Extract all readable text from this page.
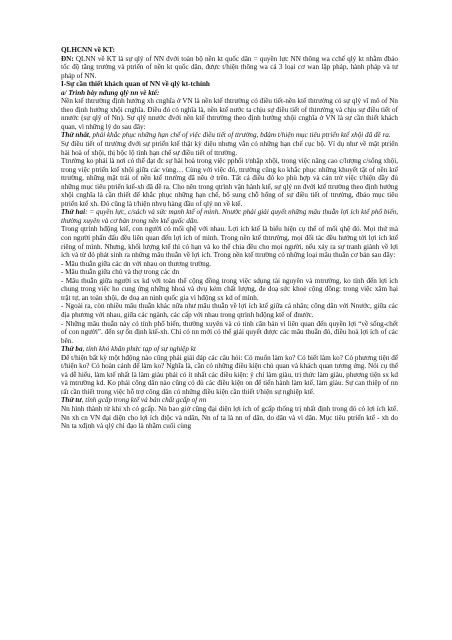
QLHCNN về KT:

ĐN: QLNN về KT là sự qlý of NN đvới toàn bộ nền kt quốc dân = quyền lực NN thông wa cchế qlý kt nhằm đbảo tốc độ tăng trưởng và ptriển of nền kt quốc dân, đưực t/hiện thông wa cả 3 loại cơ wan lập pháp, hành pháp và tư pháp of NN.

I-Sự cần thiết khách quan of NN về qlý kt-tchính

a/ Trình bày nđung qlý nn về ktế:

Nền ktế thtrường định hướng xh cnghĩa ở VN là nền ktế thtrường có điều tiết-nền ktế thtrường có sự qlý vĩ mô of Nn theo định hướng xhội cnghĩa. Điều đó có nghĩa là, nền ktế nước ta chịu sự điều tiết of thtrường và chịu sự điều tiết of nnước (sự qlý of Nn). Sự qlý nnước đvới nền ktế thtrường theo định hướng xhội cnghĩa ở VN là sự cần thiết khách quan, vì những lý do sau đây:

Thứ nhất, phải khắc phục những hạn chế of việc điều tiết of ttrường, bđảm t/hiện mục tiêu ptriển ktế xhội đã đề ra.

Sự điều tiết of ttrường đvới sự ptriển ktế thật kỳ diệu nhưng vẫn có những hạn chế cục bộ. Ví dụ như về mặt ptriển hài hoà of xhội, thị bộc lộ tình hạn chế sự điều tiết of ttrường.

Ttrường ko phải là nơi có thể đạt đc sự hài hoà trong việc pphối t/nhập xhội, trong việc nâng cao c/lượng c/sống xhội, trong việc ptriển ktế xhội giữa các vùng… Cùng với việc đó, ttrường cũng ko khắc phục những khuyết tật of nền ktế ttrường, những mặt trái of nền ktế ttrường đã nêu ở trên. Tất cả điều đó ko phù hợp và cản trở việc t/hiện đầy đủ những mục tiêu ptriển ktế-xh đã đề ra. Cho nên trong qtrình vận hành ktế, sự qlý nn đvới ktế ttrường theo định hướng xhội cnghĩa là cần thiết để khắc phục những hạn chế, bổ sung chỗ hổng of sự điều tiết of ttrường, đbảo mục tiêu ptriển ktế xh. Đó cũng là t/hiện nhvụ hàng đầu of qlý nn về ktế.

Thứ hai: = quyền lực, c/sách và sức mạnh ktế of mình. Nnước phải giải quyết những mâu thuẫn lợi ích ktế phổ biến, thường xuyên và cơ bản trong nền ktế quốc dân.

Trong qtrình hđộng ktế, con người có mối qhệ với nhau. Lợi ích ktế là biểu hiện cụ thể of mối qhệ đó. Mọi thứ mà con người phấn đấu đều liên quan đến lợi ích of mình. Trong nền ktế thtrường, mọi đối tác đều hướng tới lợi ích ktế riêng of mình. Nhưng, khối lượng ktế thì có hạn và ko thể chia đều cho mọi người, nếu xảy ra sự tranh giành về lợi ích và từ đó phát sinh ra những mâu thuẫn về lợi ích. Trong nền ktế ttrường có những loại mâu thuẫn cơ bản sau đây:

- Mâu thuẫn giữa các dn với nhau on thương trường.

- Mâu thuẫn giữa chủ và thợ trong các dn

- Mâu thuẫn giữa người sx kd với toàn thể cộng đồng trong việc sdụng tài nguyên và mtrường, ko tính đến lợi ích chung trong việc ho cung ứng những hhoá và dvụ kém chất lượng, đe doạ sức khoẻ cộng đồng: trong việc xâm hại trật tự, an toàn xhội, đe doạ an ninh quốc gia vì hđộng sx kd of mình.

- Ngoài ra, còn nhiều mâu thuẫn khác nữa như mâu thuẫn về lợi ích ktế giữa cá nhân; công dân với Nnước, giữa các địa phương với nhau, giữa các ngành, các cấp với nhau trong qtrình hđộng ktế of đnước.

- Những mâu thuẫn này có tính phổ biến, thường xuyên và có tính căn bản vì liên quan đến quyền lợi “về sống-chết of con người”. đến sự ổn định ktế-xh. Chỉ có nn mới có thể giải quyết được các mâu thuẫn đó, điều hoà lợi ích of các bên.

Thứ ba, tính khó khăn phức tạp of sự nghiệp kt

Để t/hiện bất kỳ một hđộng nào cũng phải giải đáp các câu hỏi: Có muốn làm ko? Có biết làm ko? Có phương tiện để t/hiện ko? Có hoàn cảnh để làm ko? Nghĩa là, cần có những điều kiện chủ quan và khách quan tương ứng. Nói cụ thể và dễ hiểu, làm ktế nhất là làm giàu phải có ít nhất các điều kiện: ý chí làm giàu, tri thức làm giàu, phương tiện sx kd và mtrường kd. Ko phải công dân nào cũng có đủ các điều kiện on để tiến hành làm ktế, làm giàu. Sự can thiệp of nn rất cần thiết trong việc hỗ trợ công dân có những điều kiện cần thiết t/hiện sự nghiệp ktế.

Thứ tư, tính gcấp trong ktế và bản chất gcấp of nn

Nn hình thành từ khi xh có gcấp. Nn bao giờ cũng đại diện lợi ích of gcấp thống trị nhất định trong đó có lợi ích ktế. Nn xh cn VN đại diện cho lợi ích đtộc và ndân, Nn of ta là nn of dân, do dân và vì dân. Mục tiêu ptriển ktế - xh do Nn ta xđịnh và qlý chỉ đạo là nhằm cuối cùng
